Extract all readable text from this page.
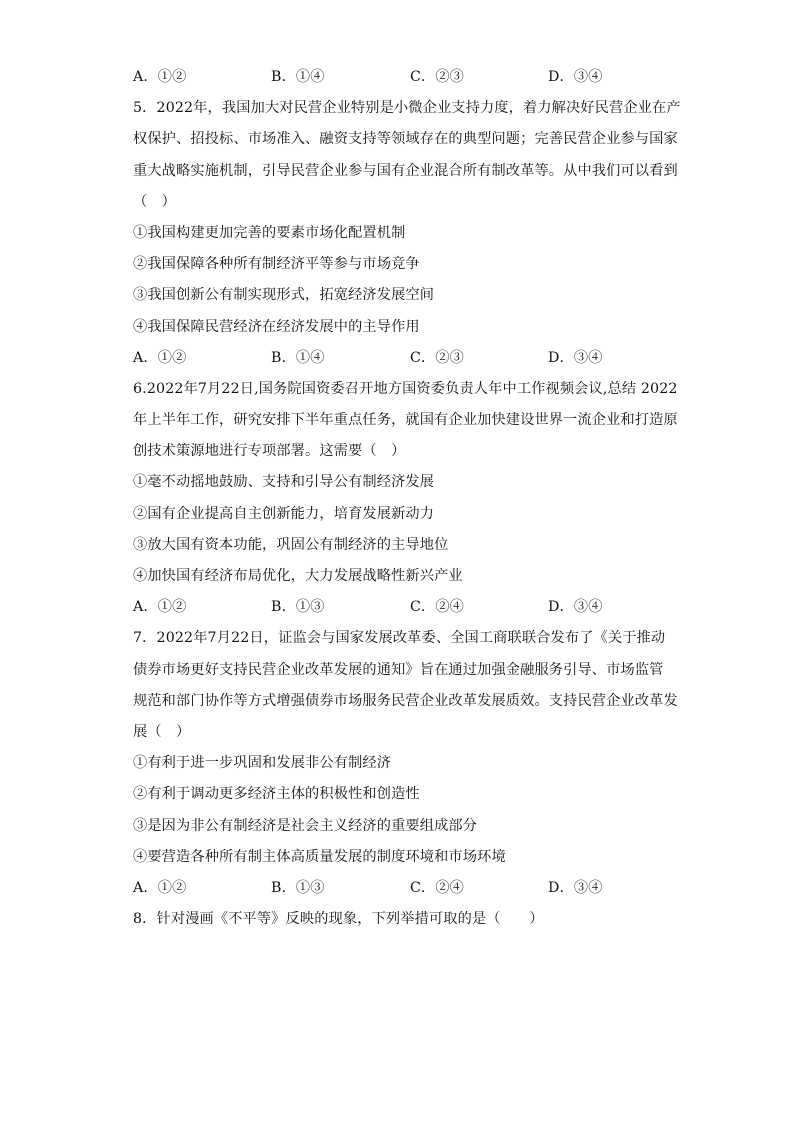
A．①②	B．①④	C．②③	D．③④
5．2022年，我国加大对民营企业特别是小微企业支持力度，着力解决好民营企业在产
权保护、招投标、市场准入、融资支持等领域存在的典型问题；完善民营企业参与国家
重大战略实施机制，引导民营企业参与国有企业混合所有制改革等。从中我们可以看到
（　）
①我国构建更加完善的要素市场化配置机制
②我国保障各种所有制经济平等参与市场竞争
③我国创新公有制实现形式，拓宽经济发展空间
④我国保障民营经济在经济发展中的主导作用
A．①②	B．①④	C．②③	D．③④
6.2022年7月22日,国务院国资委召开地方国资委负责人年中工作视频会议,总结 2022
年上半年工作，研究安排下半年重点任务，就国有企业加快建设世界一流企业和打造原
创技术策源地进行专项部署。这需要（　）
①毫不动摇地鼓励、支持和引导公有制经济发展
②国有企业提高自主创新能力，培育发展新动力
③放大国有资本功能，巩固公有制经济的主导地位
④加快国有经济布局优化，大力发展战略性新兴产业
A．①②	B．①③	C．②④	D．③④
7．2022年7月22日，证监会与国家发展改革委、全国工商联联合发布了《关于推动
债券市场更好支持民营企业改革发展的通知》旨在通过加强金融服务引导、市场监管
规范和部门协作等方式增强债券市场服务民营企业改革发展质效。支持民营企业改革发
展（　）
①有利于进一步巩固和发展非公有制经济
②有利于调动更多经济主体的积极性和创造性
③是因为非公有制经济是社会主义经济的重要组成部分
④要营造各种所有制主体高质量发展的制度环境和市场环境
A．①②	B．①③	C．②④	D．③④
8．针对漫画《不平等》反映的现象，下列举措可取的是（　　）
